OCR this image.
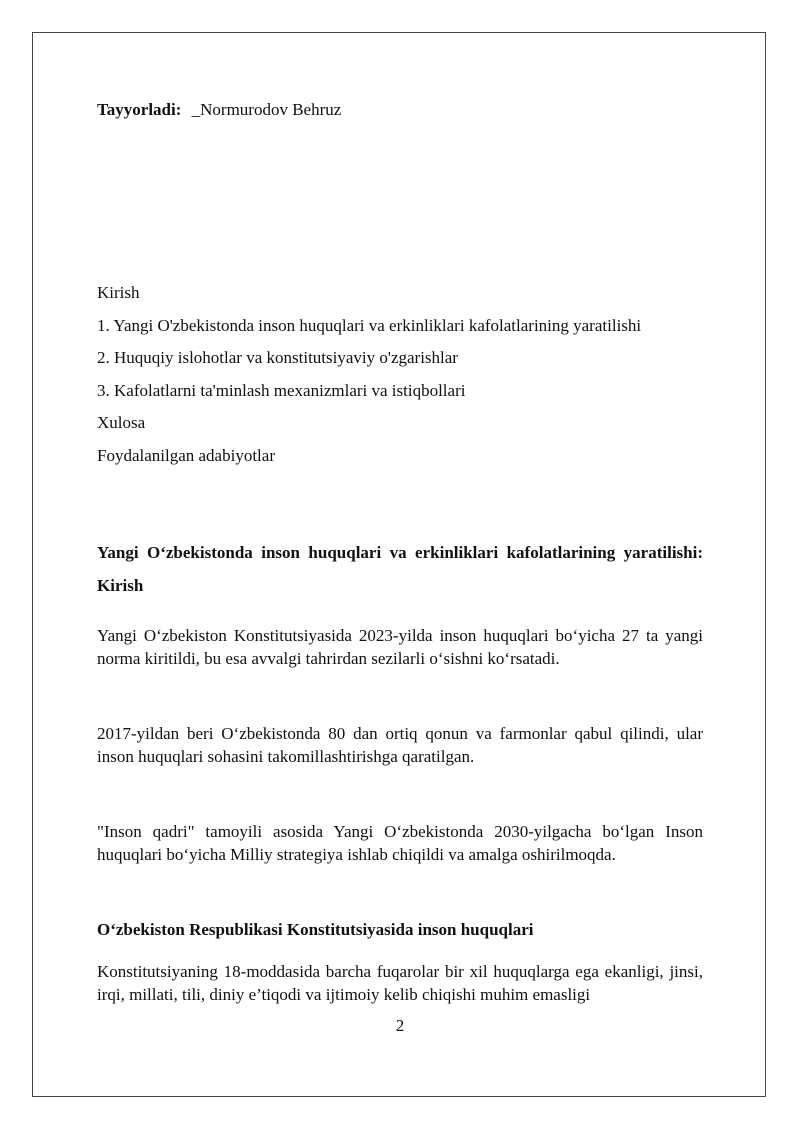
Tayyorladi: _Normurodov Behruz
Kirish
1. Yangi O'zbekistonda inson huquqlari va erkinliklari kafolatlarining yaratilishi
2. Huquqiy islohotlar va konstitutsiyaviy o'zgarishlar
3. Kafolatlarni ta'minlash mexanizmlari va istiqbollari
Xulosa
Foydalanilgan adabiyotlar
Yangi Oʻzbekistonda inson huquqlari va erkinliklari kafolatlarining yaratilishi: Kirish
Yangi Oʻzbekiston Konstitutsiyasida 2023-yilda inson huquqlari boʻyicha 27 ta yangi norma kiritildi, bu esa avvalgi tahrirdan sezilarli oʻsishni koʻrsatadi.
2017-yildan beri Oʻzbekistonda 80 dan ortiq qonun va farmonlar qabul qilindi, ular inson huquqlari sohasini takomillashtirishga qaratilgan.
"Inson qadri" tamoyili asosida Yangi Oʻzbekistonda 2030-yilgacha boʻlgan Inson huquqlari boʻyicha Milliy strategiya ishlab chiqildi va amalga oshirilmoqda.
Oʻzbekiston Respublikasi Konstitutsiyasida inson huquqlari
Konstitutsiyaning 18-moddasida barcha fuqarolar bir xil huquqlarga ega ekanligi, jinsi, irqi, millati, tili, diniy e’tiqodi va ijtimoiy kelib chiqishi muhim emasligi
2
